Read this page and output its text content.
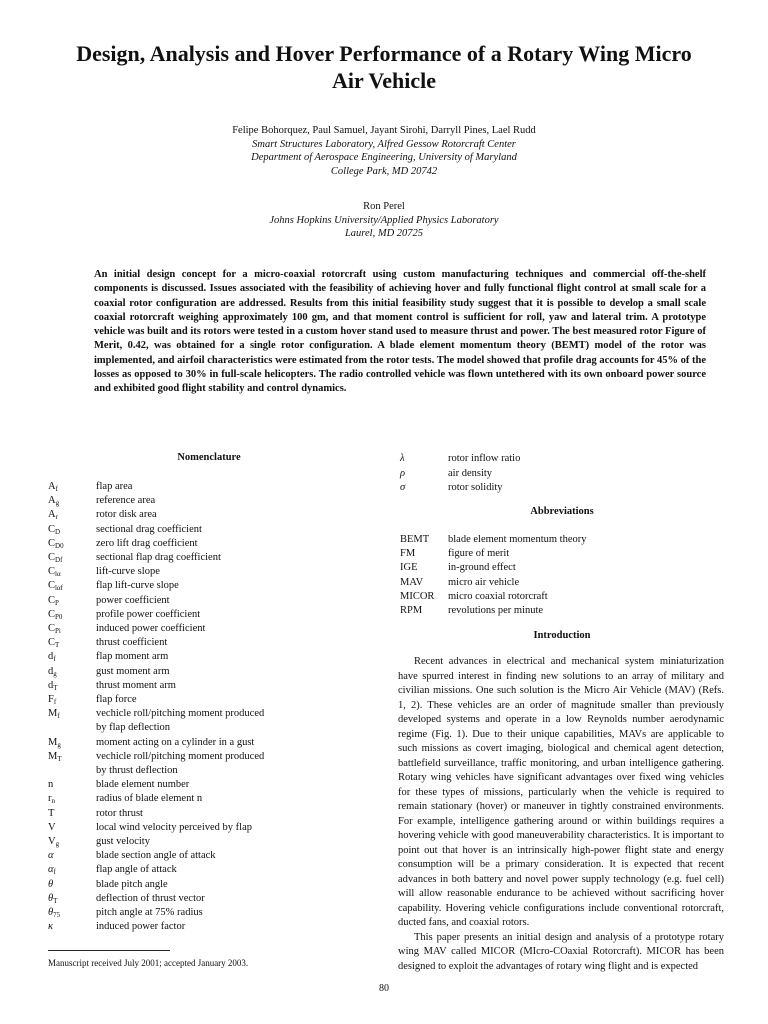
Design, Analysis and Hover Performance of a Rotary Wing Micro Air Vehicle
Felipe Bohorquez, Paul Samuel, Jayant Sirohi, Darryll Pines, Lael Rudd
Smart Structures Laboratory, Alfred Gessow Rotorcraft Center
Department of Aerospace Engineering, University of Maryland
College Park, MD 20742
Ron Perel
Johns Hopkins University/Applied Physics Laboratory
Laurel, MD 20725
An initial design concept for a micro-coaxial rotorcraft using custom manufacturing techniques and commercial off-the-shelf components is discussed. Issues associated with the feasibility of achieving hover and fully functional flight control at small scale for a coaxial rotor configuration are addressed. Results from this initial feasibility study suggest that it is possible to develop a small scale coaxial rotorcraft weighing approximately 100 gm, and that moment control is sufficient for roll, yaw and lateral trim. A prototype vehicle was built and its rotors were tested in a custom hover stand used to measure thrust and power. The best measured rotor Figure of Merit, 0.42, was obtained for a single rotor configuration. A blade element momentum theory (BEMT) model of the rotor was implemented, and airfoil characteristics were estimated from the rotor tests. The model showed that profile drag accounts for 45% of the losses as opposed to 30% in full-scale helicopters. The radio controlled vehicle was flown untethered with its own onboard power source and exhibited good flight stability and control dynamics.
Nomenclature
$A_f$	flap area
$A_g$	reference area
$A_r$	rotor disk area
$C_D$	sectional drag coefficient
$C_{D0}$	zero lift drag coefficient
$C_{Df}$	sectional flap drag coefficient
$C_{l\alpha}$	lift-curve slope
$C_{l\alpha f}$	flap lift-curve slope
$C_P$	power coefficient
$C_{P0}$	profile power coefficient
$C_{Pi}$	induced power coefficient
$C_T$	thrust coefficient
$d_f$	flap moment arm
$d_g$	gust moment arm
$d_T$	thrust moment arm
$F_f$	flap force
$M_f$	vechicle roll/pitching moment produced
by flap deflection
$M_g$	moment acting on a cylinder in a gust
$M_T$	vechicle roll/pitching moment produced
by thrust deflection
n	blade element number
$r_n$	radius of blade element n
T	rotor thrust
V	local wind velocity perceived by flap
$V_g$	gust velocity
α	blade section angle of attack
$\alpha_f$	flap angle of attack
θ	blade pitch angle
$\theta_T$	deflection of thrust vector
$\theta_{75}$	pitch angle at 75% radius
κ	induced power factor
λ	rotor inflow ratio
ρ	air density
σ	rotor solidity
Abbreviations
BEMT	blade element momentum theory
FM	figure of merit
IGE	in-ground effect
MAV	micro air vehicle
MICOR	micro coaxial rotorcraft
RPM	revolutions per minute
Introduction

Recent advances in electrical and mechanical system miniaturization have spurred interest in finding new solutions to an array of military and civilian missions. One such solution is the Micro Air Vehicle (MAV) (Refs. 1, 2). These vehicles are an order of magnitude smaller than previously developed systems and operate in a low Reynolds number aerodynamic regime (Fig. 1). Due to their unique capabilities, MAVs are applicable to such missions as covert imaging, biological and chemical agent detection, battlefield surveillance, traffic monitoring, and urban intelligence gathering. Rotary wing vehicles have significant advantages over fixed wing vehicles for these types of missions, particularly when the vehicle is required to remain stationary (hover) or maneuver in tightly constrained environments. For example, intelligence gathering around or within buildings requires a hovering vehicle with good maneuverability characteristics. It is important to point out that hover is an intrinsically high-power flight state and energy consumption will be a primary consideration. It is expected that recent advances in both battery and novel power supply technology (e.g. fuel cell) will allow reasonable endurance to be achieved without sacrificing hover capability. Hovering vehicle configurations include conventional rotorcraft, ducted fans, and coaxial rotors.

This paper presents an initial design and analysis of a prototype rotary wing MAV called MICOR (MIcro-COaxial Rotorcraft). MICOR has been designed to exploit the advantages of rotary wing flight and is expected

Manuscript received July 2001; accepted January 2003.
80
